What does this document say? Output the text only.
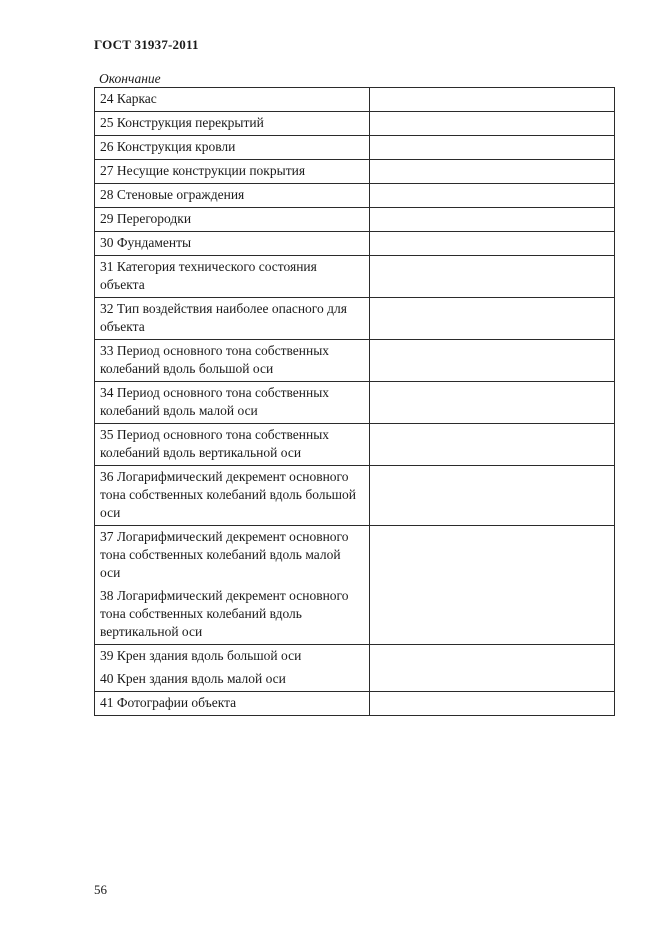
ГОСТ 31937-2011
Окончание
24 Каркас	
25 Конструкция перекрытий	
26 Конструкция кровли	
27 Несущие конструкции покрытия	
28 Стеновые ограждения	
29 Перегородки	
30 Фундаменты	
31 Категория технического состояния объекта	
32 Тип воздействия наиболее опасного для объекта	
33 Период основного тона собственных колебаний вдоль большой оси	
34 Период основного тона собственных колебаний вдоль малой оси	
35 Период основного тона собственных колебаний вдоль вертикальной оси	
36 Логарифмический декремент основного тона собственных колебаний вдоль большой оси	
37 Логарифмический декремент основного тона собственных колебаний вдоль малой оси	
38 Логарифмический декремент основного тона собственных колебаний вдоль вертикальной оси	
39 Крен здания вдоль большой оси	
40 Крен здания вдоль малой оси	
41 Фотографии объекта	
56
